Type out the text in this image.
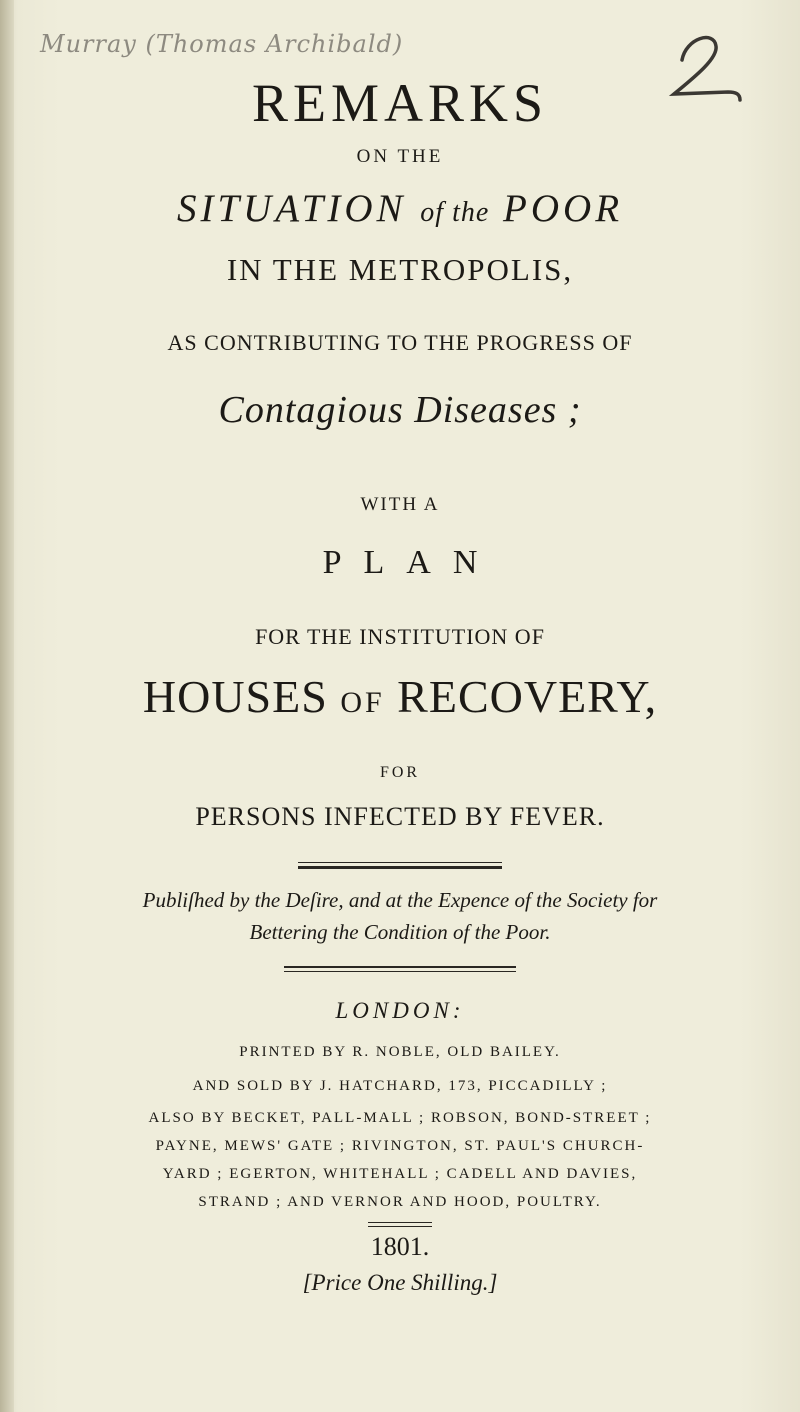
Murray (Thomas Archibald)
REMARKS
ON THE
SITUATION of the POOR
IN THE METROPOLIS,
AS CONTRIBUTING TO THE PROGRESS OF
Contagious Diseases ;
WITH A
PLAN
FOR THE INSTITUTION OF
HOUSES OF RECOVERY,
FOR
PERSONS INFECTED BY FEVER.
Publiſhed by the Deſire, and at the Expence of the Society for
Bettering the Condition of the Poor.
LONDON:
PRINTED BY R. NOBLE, OLD BAILEY.
AND SOLD BY J. HATCHARD, 173, PICCADILLY ;
ALSO BY BECKET, PALL-MALL ; ROBSON, BOND-STREET ;
PAYNE, MEWS' GATE ; RIVINGTON, ST. PAUL'S CHURCH-
YARD ; EGERTON, WHITEHALL ; CADELL AND DAVIES,
STRAND ; AND VERNOR AND HOOD, POULTRY.
1801.
[Price One Shilling.]
